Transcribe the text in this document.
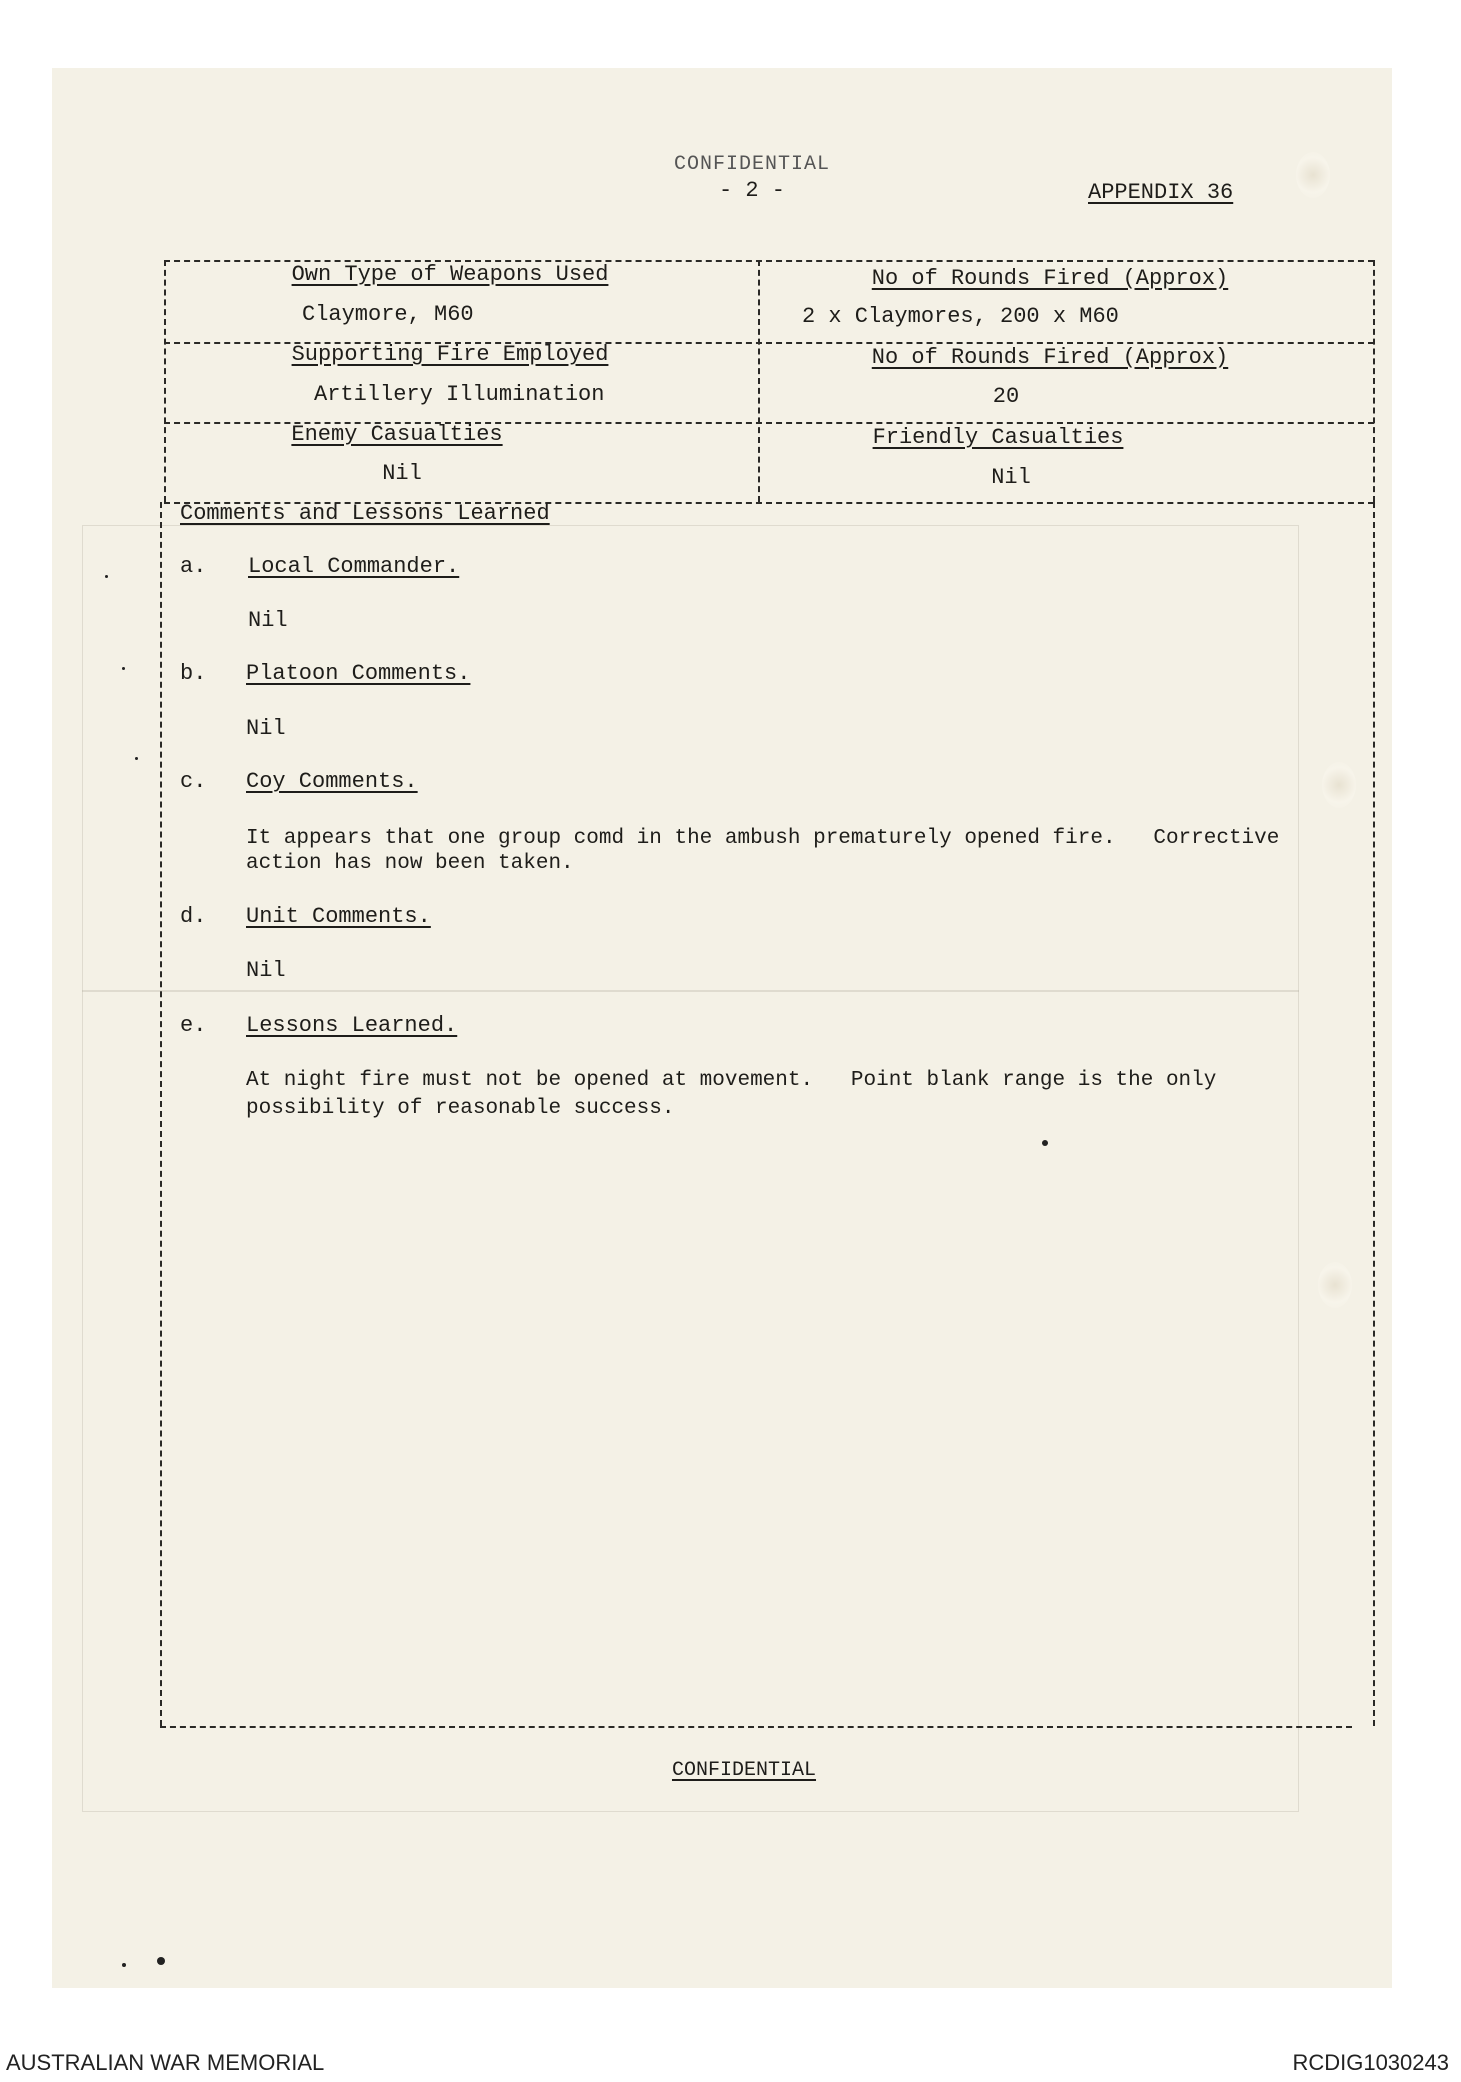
CONFIDENTIAL
- 2 -	APPENDIX 36
Own Type of Weapons Used
Claymore, M60
No of Rounds Fired (Approx)
2 x Claymores, 200 x M60
Supporting Fire Employed
Artillery Illumination
No of Rounds Fired (Approx)
20
Enemy Casualties
Nil
Friendly Casualties
Nil
Comments and Lessons Learned
a. Local Commander.
Nil
b. Platoon Comments.
Nil
c. Coy Comments.
It appears that one group comd in the ambush prematurely opened fire.   Corrective
action has now been taken.
d. Unit Comments.
Nil
e. Lessons Learned.
At night fire must not be opened at movement.   Point blank range is the only
possibility of reasonable success.
CONFIDENTIAL
AUSTRALIAN WAR MEMORIAL	RCDIG1030243
